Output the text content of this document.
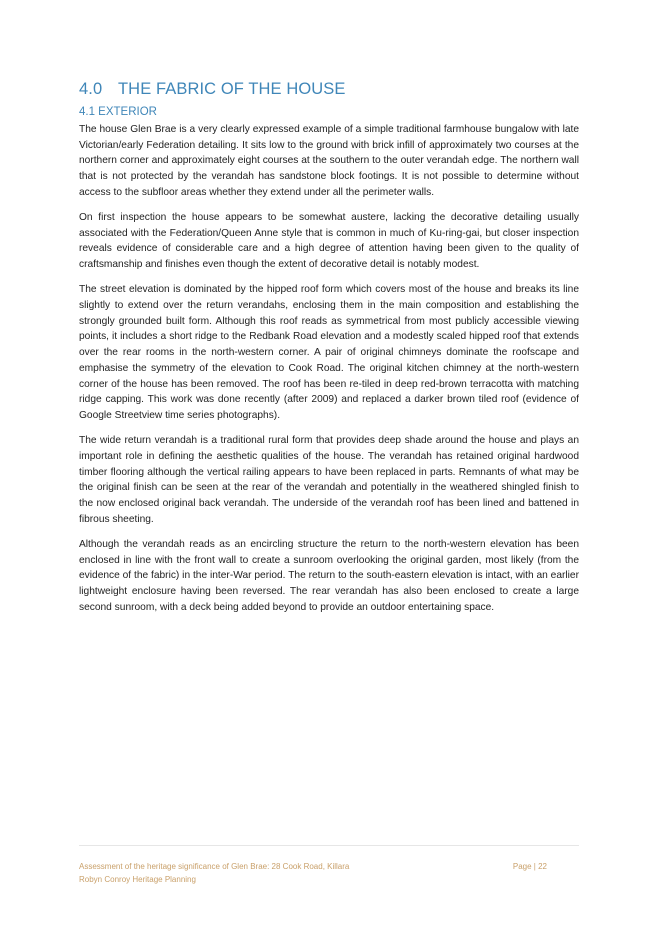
4.0 THE FABRIC OF THE HOUSE
4.1 EXTERIOR

The house Glen Brae is a very clearly expressed example of a simple traditional farmhouse bungalow with late Victorian/early Federation detailing. It sits low to the ground with brick infill of approximately two courses at the northern corner and approximately eight courses at the southern to the outer verandah edge. The northern wall that is not protected by the verandah has sandstone block footings. It is not possible to determine without access to the subfloor areas whether they extend under all the perimeter walls.

On first inspection the house appears to be somewhat austere, lacking the decorative detailing usually associated with the Federation/Queen Anne style that is common in much of Ku-ring-gai, but closer inspection reveals evidence of considerable care and a high degree of attention having been given to the quality of craftsmanship and finishes even though the extent of decorative detail is notably modest.

The street elevation is dominated by the hipped roof form which covers most of the house and breaks its line slightly to extend over the return verandahs, enclosing them in the main composition and establishing the strongly grounded built form. Although this roof reads as symmetrical from most publicly accessible viewing points, it includes a short ridge to the Redbank Road elevation and a modestly scaled hipped roof that extends over the rear rooms in the north-western corner. A pair of original chimneys dominate the roofscape and emphasise the symmetry of the elevation to Cook Road. The original kitchen chimney at the north-western corner of the house has been removed. The roof has been re-tiled in deep red-brown terracotta with matching ridge capping. This work was done recently (after 2009) and replaced a darker brown tiled roof (evidence of Google Streetview time series photographs).

The wide return verandah is a traditional rural form that provides deep shade around the house and plays an important role in defining the aesthetic qualities of the house. The verandah has retained original hardwood timber flooring although the vertical railing appears to have been replaced in parts. Remnants of what may be the original finish can be seen at the rear of the verandah and potentially in the weathered shingled finish to the now enclosed original back verandah. The underside of the verandah roof has been lined and battened in fibrous sheeting.

Although the verandah reads as an encircling structure the return to the north-western elevation has been enclosed in line with the front wall to create a sunroom overlooking the original garden, most likely (from the evidence of the fabric) in the inter-War period. The return to the south-eastern elevation is intact, with an earlier lightweight enclosure having been reversed. The rear verandah has also been enclosed to create a large second sunroom, with a deck being added beyond to provide an outdoor entertaining space.

Assessment of the heritage significance of Glen Brae: 28 Cook Road, Killara
Robyn Conroy Heritage Planning
Page | 22
